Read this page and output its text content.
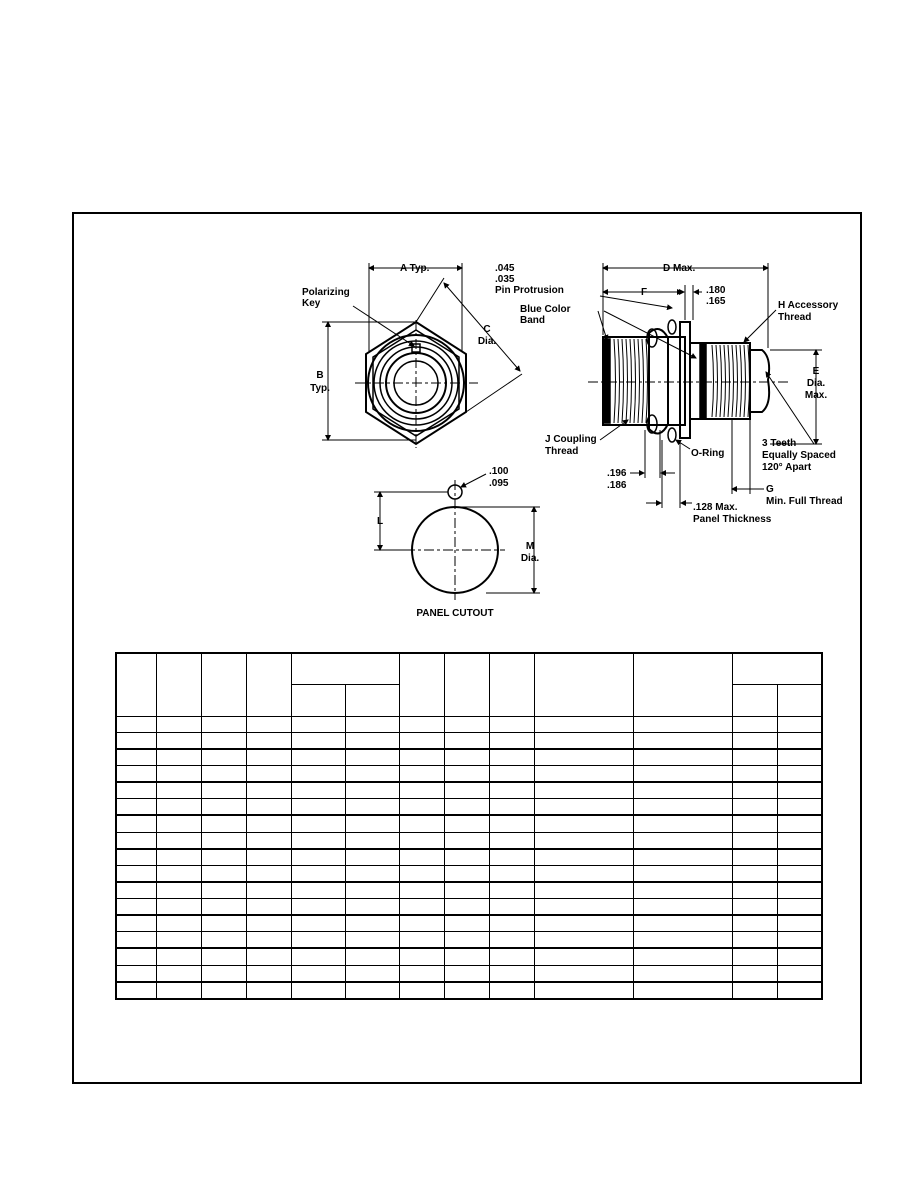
A Typ.
B
Typ.
C
Dia.
Polarizing
Key
.045
.035
Pin Protrusion
D Max.
F	.180
.165
Blue Color
Band
H Accessory
Thread
E
Dia.
Max.
J Coupling
Thread	O-Ring
3 Teeth
Equally Spaced
120° Apart
.196
.186	G
Min. Full Thread
.128 Max.
Panel Thickness
.100
.095
L
M
Dia.
PANEL CUTOUT
